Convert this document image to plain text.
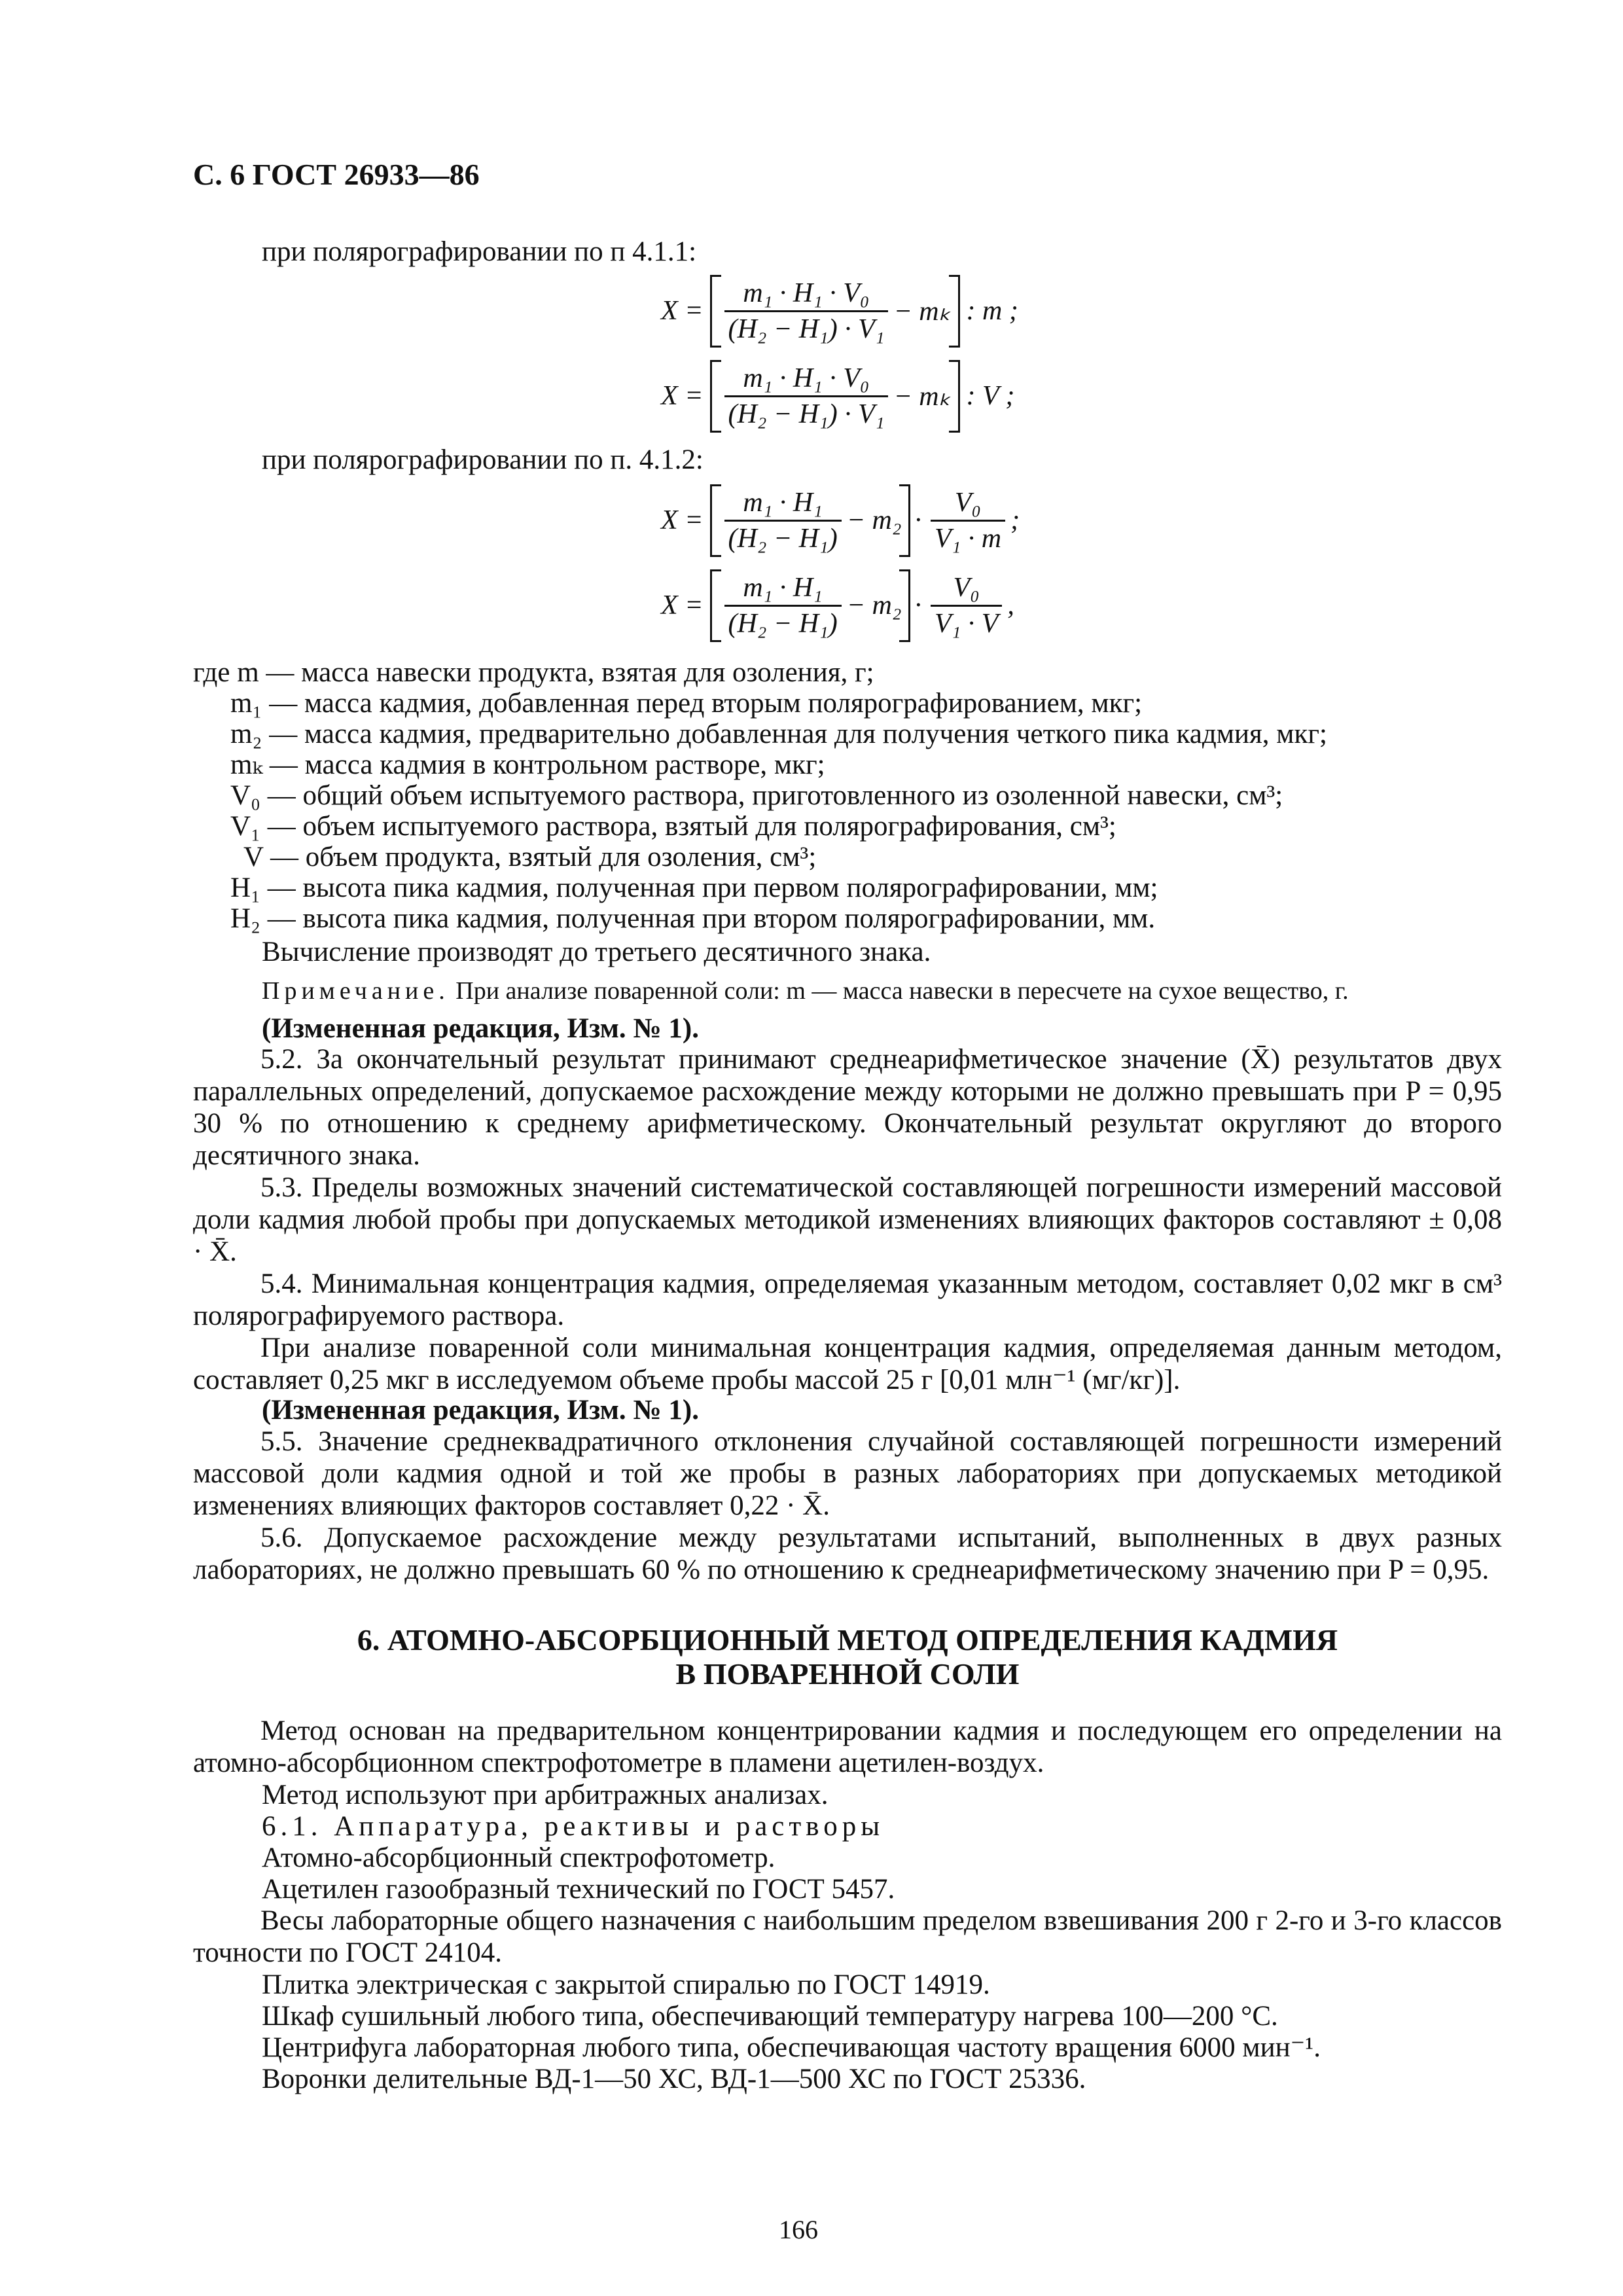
С. 6 ГОСТ 26933—86
при полярографировании по п 4.1.1:
$X = \frac{\text{m₁ · H₁ · V₀}}{\text{(H₂ − H₁) · V₁}} - m_k$ : m ;
$X = \frac{\text{m₁ · H₁ · V₀}}{\text{(H₂ − H₁) · V₁}} - m_k$ : V ;
при полярографировании по п. 4.1.2:
$X = \frac{\text{m₁ · H₁}}{\text{(H₂ − H₁)}} - m_2 \cdot \frac{\text{V₀}}{\text{V₁ · m}}$ ;
$X = \frac{\text{m₁ · H₁}}{\text{(H₂ − H₁)}} - m_2 \cdot \frac{\text{V₀}}{\text{V₁ · V}}$ ,
где m — масса навески продукта, взятая для озоления, г;
m₁ — масса кадмия, добавленная перед вторым полярографированием, мкг;
m₂ — масса кадмия, предварительно добавленная для получения четкого пика кадмия, мкг;
mₖ — масса кадмия в контрольном растворе, мкг;
V₀ — общий объем испытуемого раствора, приготовленного из озоленной навески, см³;
V₁ — объем испытуемого раствора, взятый для полярографирования, см³;
V — объем продукта, взятый для озоления, см³;
H₁ — высота пика кадмия, полученная при первом полярографировании, мм;
H₂ — высота пика кадмия, полученная при втором полярографировании, мм.
Вычисление производят до третьего десятичного знака.
Примечание. При анализе поваренной соли: m — масса навески в пересчете на сухое вещество, г.
(Измененная редакция, Изм. № 1).
5.2. За окончательный результат принимают среднеарифметическое значение (X̄) результатов двух параллельных определений, допускаемое расхождение между которыми не должно превышать при P = 0,95 30 % по отношению к среднему арифметическому. Окончательный результат округляют до второго десятичного знака.
5.3. Пределы возможных значений систематической составляющей погрешности измерений массовой доли кадмия любой пробы при допускаемых методикой изменениях влияющих факторов составляют ± 0,08 · X̄.
5.4. Минимальная концентрация кадмия, определяемая указанным методом, составляет 0,02 мкг в см³ полярографируемого раствора.
При анализе поваренной соли минимальная концентрация кадмия, определяемая данным методом, составляет 0,25 мкг в исследуемом объеме пробы массой 25 г [0,01 млн⁻¹ (мг/кг)].
(Измененная редакция, Изм. № 1).
5.5. Значение среднеквадратичного отклонения случайной составляющей погрешности измерений массовой доли кадмия одной и той же пробы в разных лабораториях при допускаемых методикой изменениях влияющих факторов составляет 0,22 · X̄.
5.6. Допускаемое расхождение между результатами испытаний, выполненных в двух разных лабораториях, не должно превышать 60 % по отношению к среднеарифметическому значению при P = 0,95.
6. АТОМНО-АБСОРБЦИОННЫЙ МЕТОД ОПРЕДЕЛЕНИЯ КАДМИЯ
В ПОВАРЕННОЙ СОЛИ
Метод основан на предварительном концентрировании кадмия и последующем его определении на атомно-абсорбционном спектрофотометре в пламени ацетилен-воздух.
Метод используют при арбитражных анализах.
6.1. Аппаратура, реактивы и растворы
Атомно-абсорбционный спектрофотометр.
Ацетилен газообразный технический по ГОСТ 5457.
Весы лабораторные общего назначения с наибольшим пределом взвешивания 200 г 2-го и 3-го классов точности по ГОСТ 24104.
Плитка электрическая с закрытой спиралью по ГОСТ 14919.
Шкаф сушильный любого типа, обеспечивающий температуру нагрева 100—200 °С.
Центрифуга лабораторная любого типа, обеспечивающая частоту вращения 6000 мин⁻¹.
Воронки делительные ВД-1—50 ХС, ВД-1—500 ХС по ГОСТ 25336.
166
